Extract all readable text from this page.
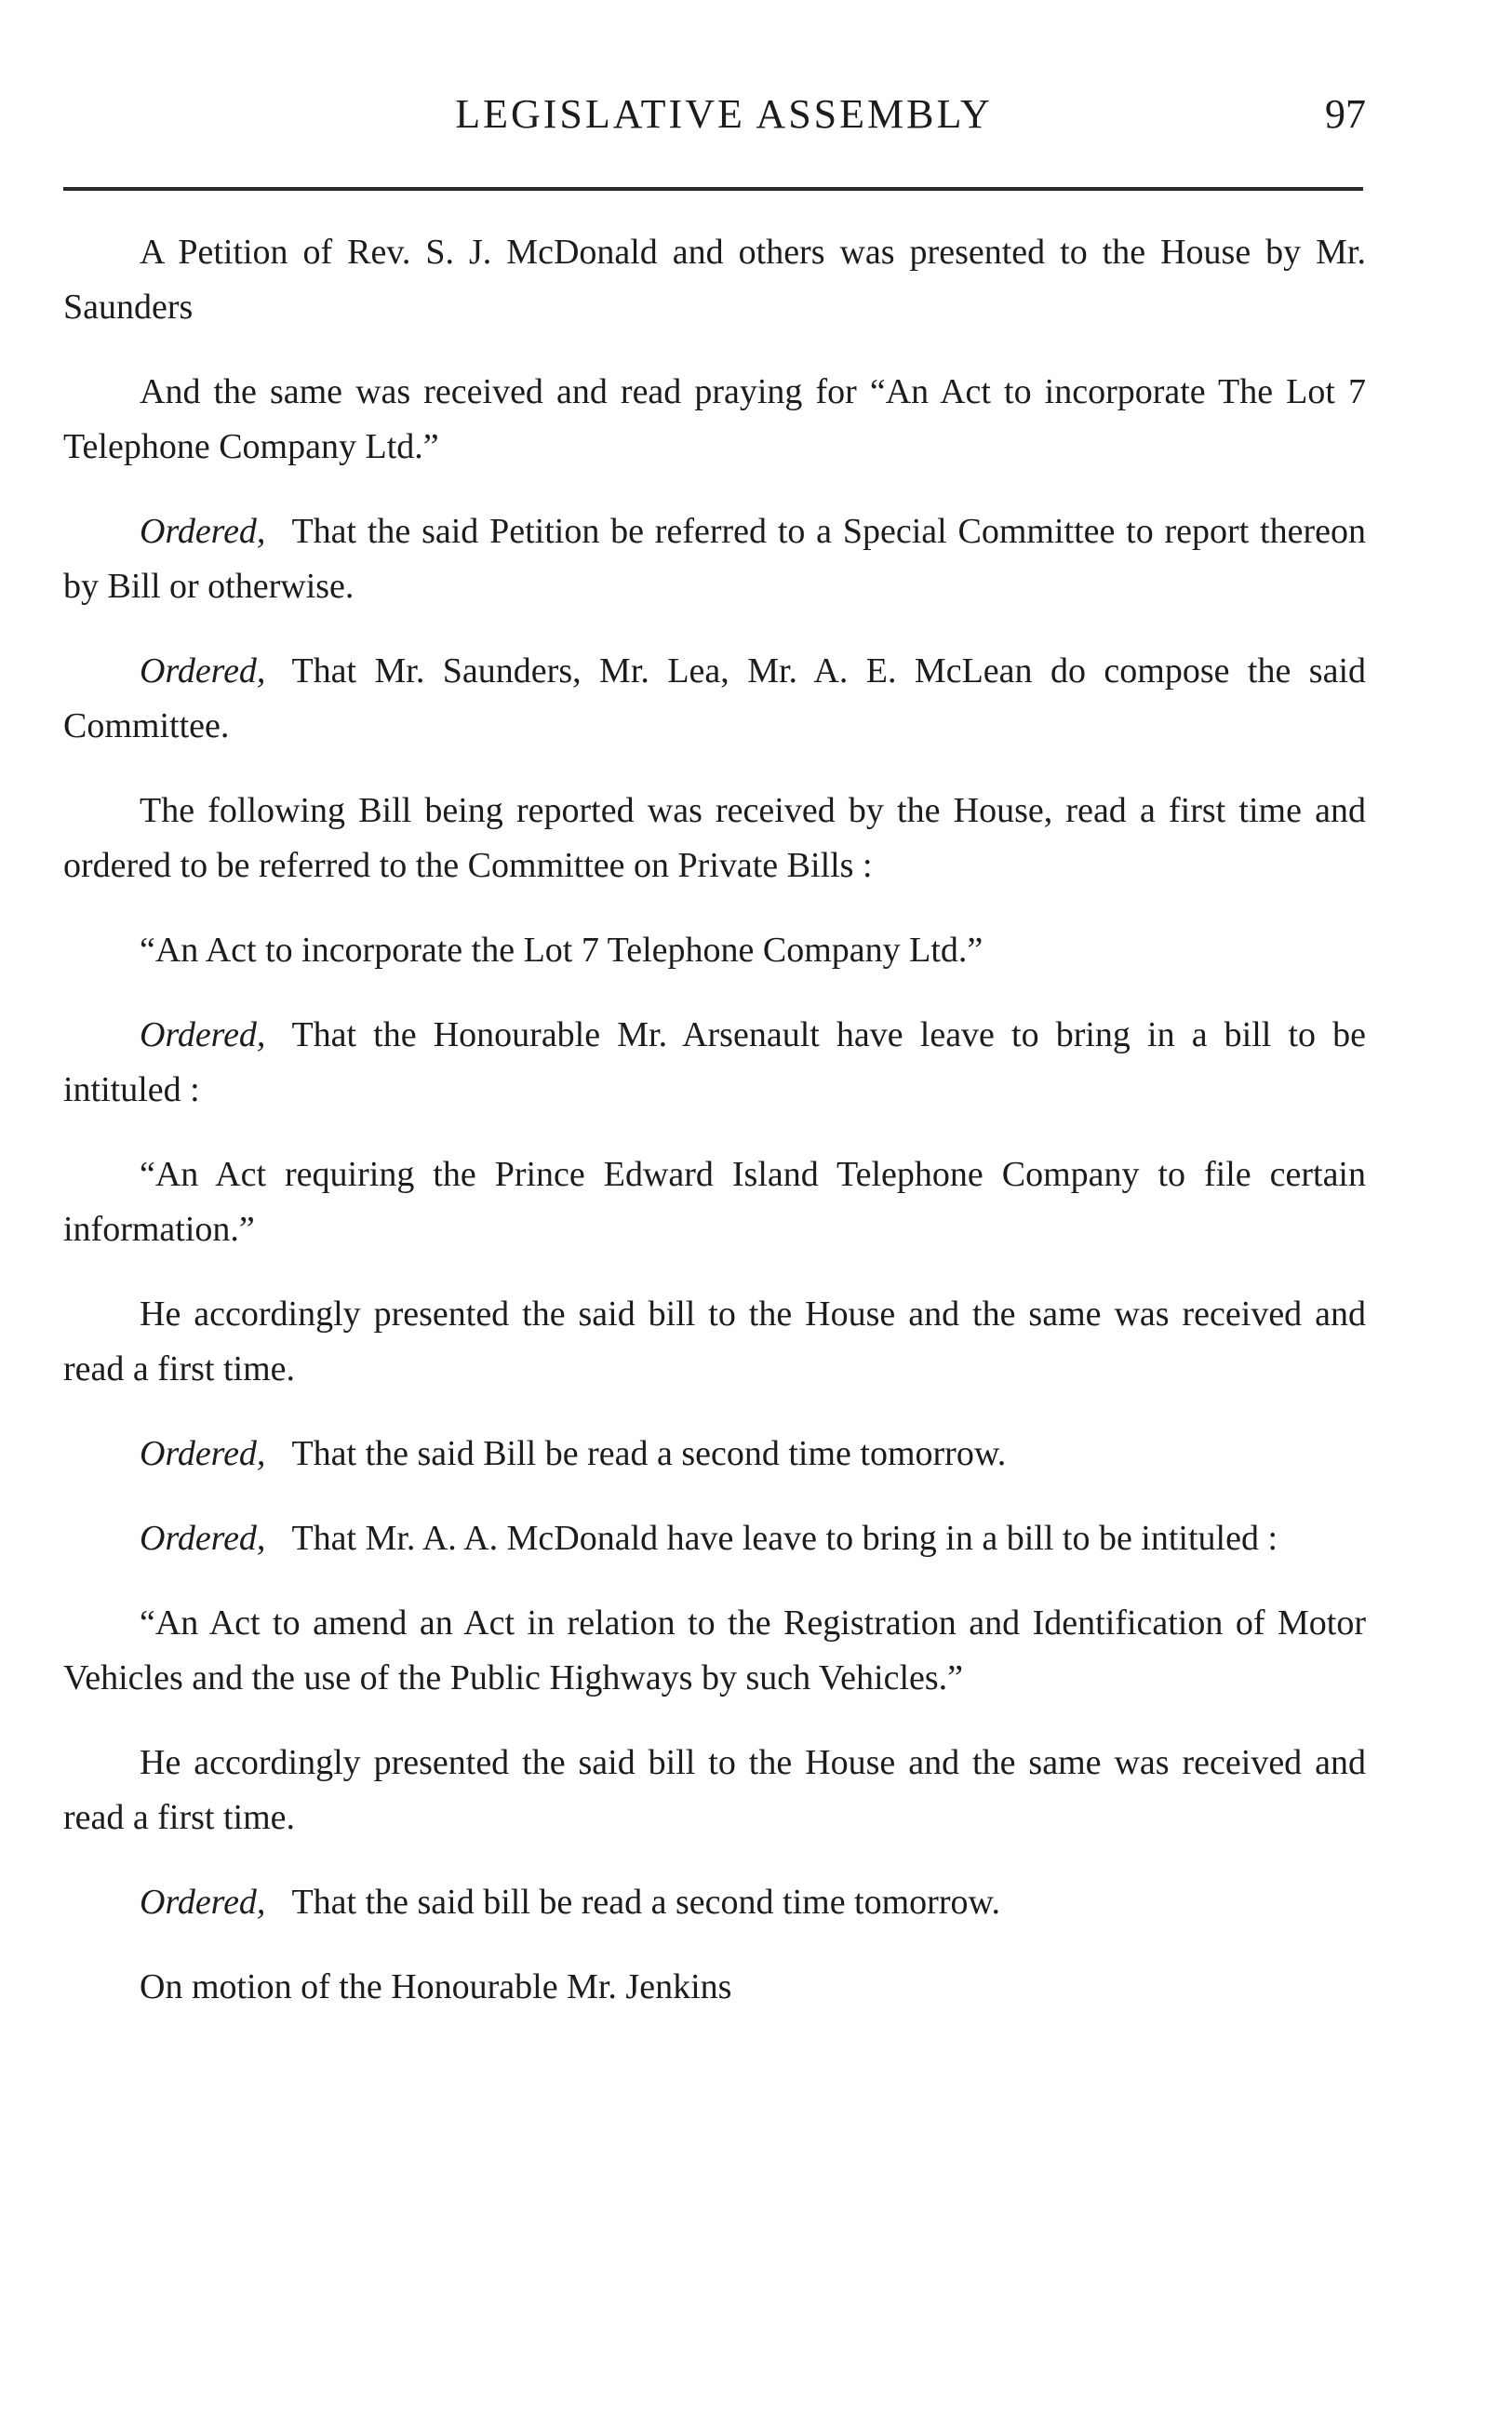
LEGISLATIVE ASSEMBLY	97

A Petition of Rev. S. J. McDonald and others was presented to the House by Mr. Saunders

And the same was received and read praying for “An Act to incorporate The Lot 7 Telephone Company Ltd.”

Ordered, That the said Petition be referred to a Special Committee to report thereon by Bill or otherwise.

Ordered, That Mr. Saunders, Mr. Lea, Mr. A. E. McLean do compose the said Committee.

The following Bill being reported was received by the House, read a first time and ordered to be referred to the Committee on Private Bills :

“An Act to incorporate the Lot 7 Telephone Company Ltd.”

Ordered, That the Honourable Mr. Arsenault have leave to bring in a bill to be intituled :

“An Act requiring the Prince Edward Island Telephone Company to file certain information.”

He accordingly presented the said bill to the House and the same was received and read a first time.

Ordered, That the said Bill be read a second time tomorrow.

Ordered, That Mr. A. A. McDonald have leave to bring in a bill to be intituled :

“An Act to amend an Act in relation to the Registration and Identification of Motor Vehicles and the use of the Public Highways by such Vehicles.”

He accordingly presented the said bill to the House and the same was received and read a first time.

Ordered, That the said bill be read a second time tomorrow.

On motion of the Honourable Mr. Jenkins
